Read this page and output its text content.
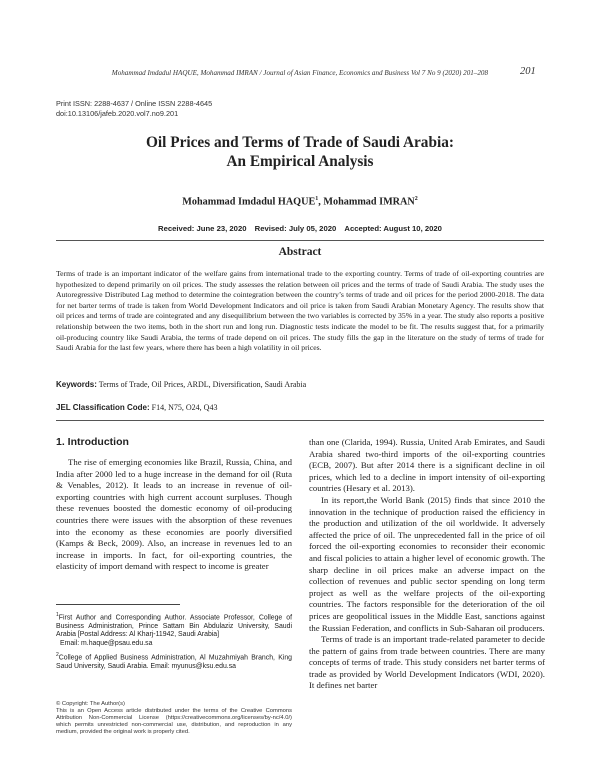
Mohammad Imdadul HAQUE, Mohammad IMRAN / Journal of Asian Finance, Economics and Business Vol 7 No 9 (2020) 201–208	201
Print ISSN: 2288-4637 / Online ISSN 2288-4645
doi:10.13106/jafeb.2020.vol7.no9.201
Oil Prices and Terms of Trade of Saudi Arabia:
An Empirical Analysis
Mohammad Imdadul HAQUE$^1$, Mohammad IMRAN$^2$
Received: June 23, 2020 Revised: July 05, 2020 Accepted: August 10, 2020
Abstract
Terms of trade is an important indicator of the welfare gains from international trade to the exporting country. Terms of trade of oil-exporting countries are hypothesized to depend primarily on oil prices. The study assesses the relation between oil prices and the terms of trade of Saudi Arabia. The study uses the Autoregressive Distributed Lag method to determine the cointegration between the country’s terms of trade and oil prices for the period 2000-2018. The data for net barter terms of trade is taken from World Development Indicators and oil price is taken from Saudi Arabian Monetary Agency. The results show that oil prices and terms of trade are cointegrated and any disequilibrium between the two variables is corrected by 35% in a year. The study also reports a positive relationship between the two items, both in the short run and long run. Diagnostic tests indicate the model to be fit. The results suggest that, for a primarily oil-producing country like Saudi Arabia, the terms of trade depend on oil prices. The study fills the gap in the literature on the study of terms of trade for Saudi Arabia for the last few years, where there has been a high volatility in oil prices.
Keywords: Terms of Trade, Oil Prices, ARDL, Diversification, Saudi Arabia
JEL Classification Code: F14, N75, O24, Q43
1. Introduction

The rise of emerging economies like Brazil, Russia, China, and India after 2000 led to a huge increase in the demand for oil (Ruta & Venables, 2012). It leads to an increase in revenue of oil-exporting countries with high current account surpluses. Though these revenues boosted the domestic economy of oil-producing countries there were issues with the absorption of these revenues into the economy as these economies are poorly diversified (Kamps & Beck, 2009). Also, an increase in revenues led to an increase in imports. In fact, for oil-exporting countries, the elasticity of import demand with respect to income is greater

than one (Clarida, 1994). Russia, United Arab Emirates, and Saudi Arabia shared two-third imports of the oil-exporting countries (ECB, 2007). But after 2014 there is a significant decline in oil prices, which led to a decline in import intensity of oil-exporting countries (Hesary et al. 2013).

In its report,the World Bank (2015) finds that since 2010 the innovation in the technique of production raised the efficiency in the production and utilization of the oil worldwide. It adversely affected the price of oil. The unprecedented fall in the price of oil forced the oil-exporting economies to reconsider their economic and fiscal policies to attain a higher level of economic growth. The sharp decline in oil prices make an adverse impact on the collection of revenues and public sector spending on long term project as well as the welfare projects of the oil-exporting countries. The factors responsible for the deterioration of the oil prices are geopolitical issues in the Middle East, sanctions against the Russian Federation, and conflicts in Sub-Saharan oil producers.

Terms of trade is an important trade-related parameter to decide the pattern of gains from trade between countries. There are many concepts of terms of trade. This study considers net barter terms of trade as provided by World Development Indicators (WDI, 2020). It defines net barter

$^1$First Author and Corresponding Author. Associate Professor, College of Business Administration, Prince Sattam Bin Abdulaziz University, Saudi Arabia [Postal Address: Al Kharj-11942, Saudi Arabia]
Email: m.haque@psau.edu.sa

$^2$College of Applied Business Administration, Al Muzahmiyah Branch, King Saud University, Saudi Arabia. Email: myunus@ksu.edu.sa

© Copyright: The Author(s)

This is an Open Access article distributed under the terms of the Creative Commons Attribution Non-Commercial License (https://creativecommons.org/licenses/by-nc/4.0/) which permits unrestricted non-commercial use, distribution, and reproduction in any medium, provided the original work is properly cited.
